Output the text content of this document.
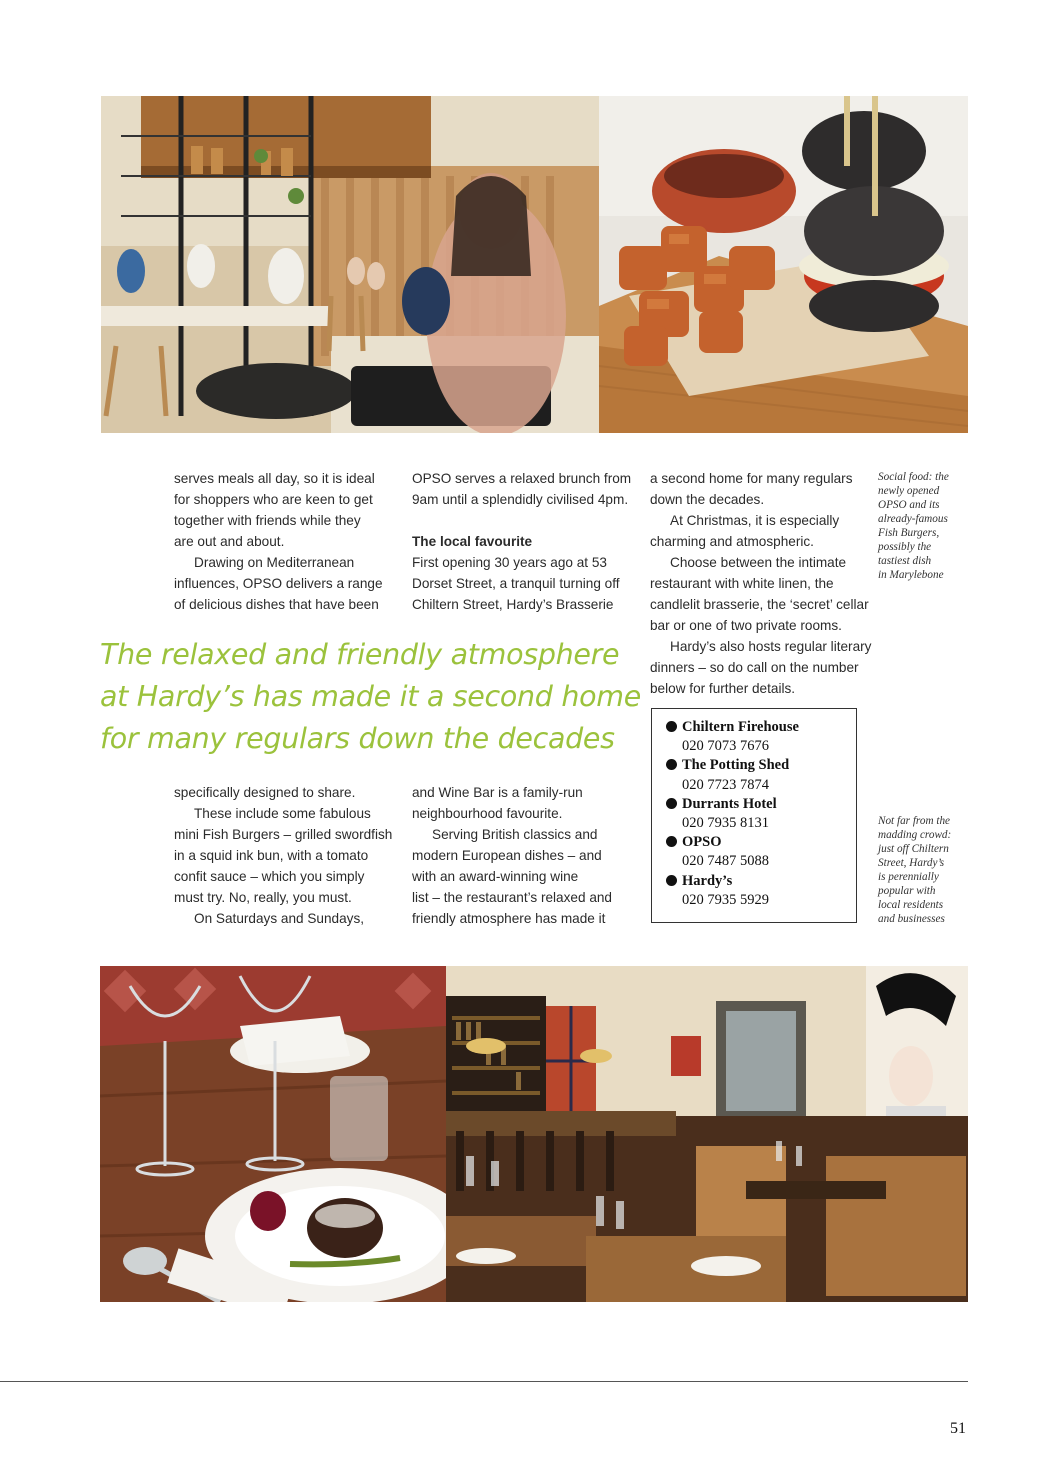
serves meals all day, so it is ideal
for shoppers who are keen to get
together with friends while they
are out and about.

Drawing on Mediterranean
influences, OPSO delivers a range
of delicious dishes that have been

OPSO serves a relaxed brunch from
9am until a splendidly civilised 4pm.

The local favourite

First opening 30 years ago at 53
Dorset Street, a tranquil turning off
Chiltern Street, Hardy’s Brasserie

a second home for many regulars
down the decades.

At Christmas, it is especially
charming and atmospheric.

Choose between the intimate
restaurant with white linen, the
candlelit brasserie, the ‘secret’ cellar
bar or one of two private rooms.

Hardy’s also hosts regular literary
dinners – so do call on the number
below for further details.

The relaxed and friendly atmosphere
at Hardy’s has made it a second home
for many regulars down the decades
Social food: the
newly opened
OPSO and its
already-famous
Fish Burgers,
possibly the
tastiest dish
in Marylebone
Not far from the
madding crowd:
just off Chiltern
Street, Hardy’s
is perennially
popular with
local residents
and businesses
Chiltern Firehouse
020 7073 7676
The Potting Shed
020 7723 7874
Durrants Hotel
020 7935 8131
OPSO
020 7487 5088
Hardy’s
020 7935 5929

specifically designed to share.

These include some fabulous
mini Fish Burgers – grilled swordfish
in a squid ink bun, with a tomato
confit sauce – which you simply
must try. No, really, you must.

On Saturdays and Sundays,

and Wine Bar is a family-run
neighbourhood favourite.

Serving British classics and
modern European dishes – and
with an award-winning wine
list – the restaurant’s relaxed and
friendly atmosphere has made it

51
